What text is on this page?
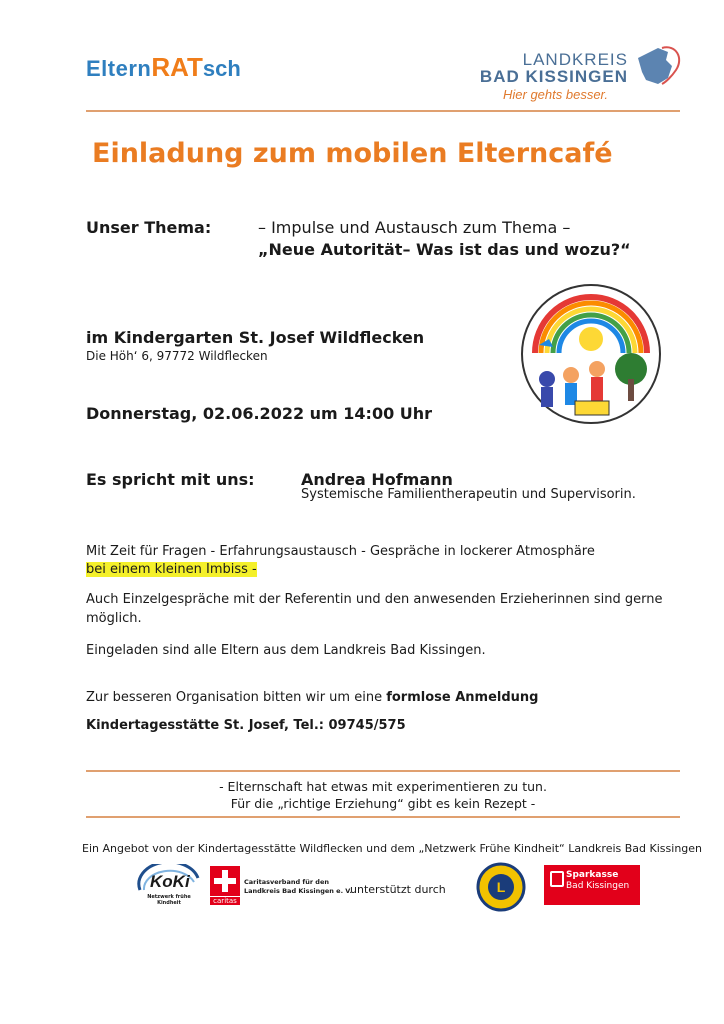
ElternRATsch	LANDKREIS
BAD KISSINGEN
Hier gehts besser.
Einladung zum mobilen Elterncafé
Unser Thema:	– Impulse und Austausch zum Thema –
„Neue Autorität– Was ist das und wozu?“
im Kindergarten St. Josef Wildflecken
Die Höh‘ 6, 97772 Wildflecken
Donnerstag, 02.06.2022 um 14:00 Uhr
Es spricht mit uns:	Andrea Hofmann
Systemische Familientherapeutin und Supervisorin.
Mit Zeit für Fragen - Erfahrungsaustausch - Gespräche in lockerer Atmosphäre
bei einem kleinen Imbiss -
Auch Einzelgespräche mit der Referentin und den anwesenden Erzieherinnen sind gerne
möglich.
Eingeladen sind alle Eltern aus dem Landkreis Bad Kissingen.
Zur besseren Organisation bitten wir um eine formlose Anmeldung
Kindertagesstätte St. Josef, Tel.: 09745/575
- Elternschaft hat etwas mit experimentieren zu tun.
Für die „richtige Erziehung“ gibt es kein Rezept -
Ein Angebot von der Kindertagesstätte Wildflecken und dem „Netzwerk Frühe Kindheit“ Landkreis Bad Kissingen
KoKi
Netzwerk frühe Kindheit	caritas
Caritasverband für den
Landkreis Bad Kissingen e. V.
unterstützt durch	L
Sparkasse
Bad Kissingen
